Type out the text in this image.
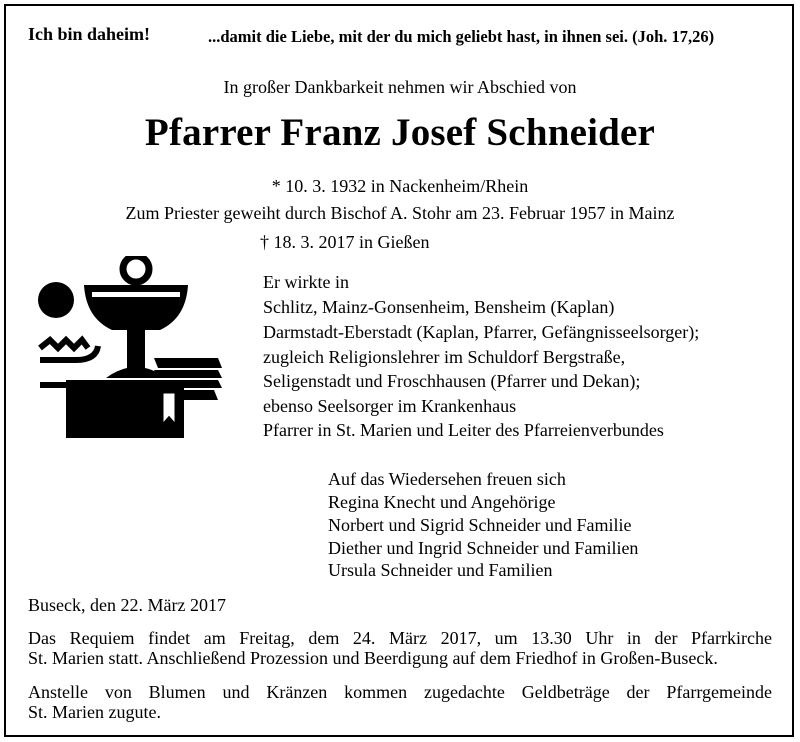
Ich bin daheim!	...damit die Liebe, mit der du mich geliebt hast, in ihnen sei. (Joh. 17,26)
In großer Dankbarkeit nehmen wir Abschied von
Pfarrer Franz Josef Schneider
* 10. 3. 1932 in Nackenheim/Rhein
Zum Priester geweiht durch Bischof A. Stohr am 23. Februar 1957 in Mainz
† 18. 3. 2017 in Gießen
Er wirkte in
Schlitz, Mainz-Gonsenheim, Bensheim (Kaplan)
Darmstadt-Eberstadt (Kaplan, Pfarrer, Gefängnisseelsorger);
zugleich Religionslehrer im Schuldorf Bergstraße,
Seligenstadt und Froschhausen (Pfarrer und Dekan);
ebenso Seelsorger im Krankenhaus
Pfarrer in St. Marien und Leiter des Pfarreienverbundes
Auf das Wiedersehen freuen sich
Regina Knecht und Angehörige
Norbert und Sigrid Schneider und Familie
Diether und Ingrid Schneider und Familien
Ursula Schneider und Familien
Buseck, den 22. März 2017
Das Requiem findet am Freitag, dem 24. März 2017, um 13.30 Uhr in der Pfarrkirche
St. Marien statt. Anschließend Prozession und Beerdigung auf dem Friedhof in Großen-Buseck.
Anstelle von Blumen und Kränzen kommen zugedachte Geldbeträge der Pfarrgemeinde
St. Marien zugute.
